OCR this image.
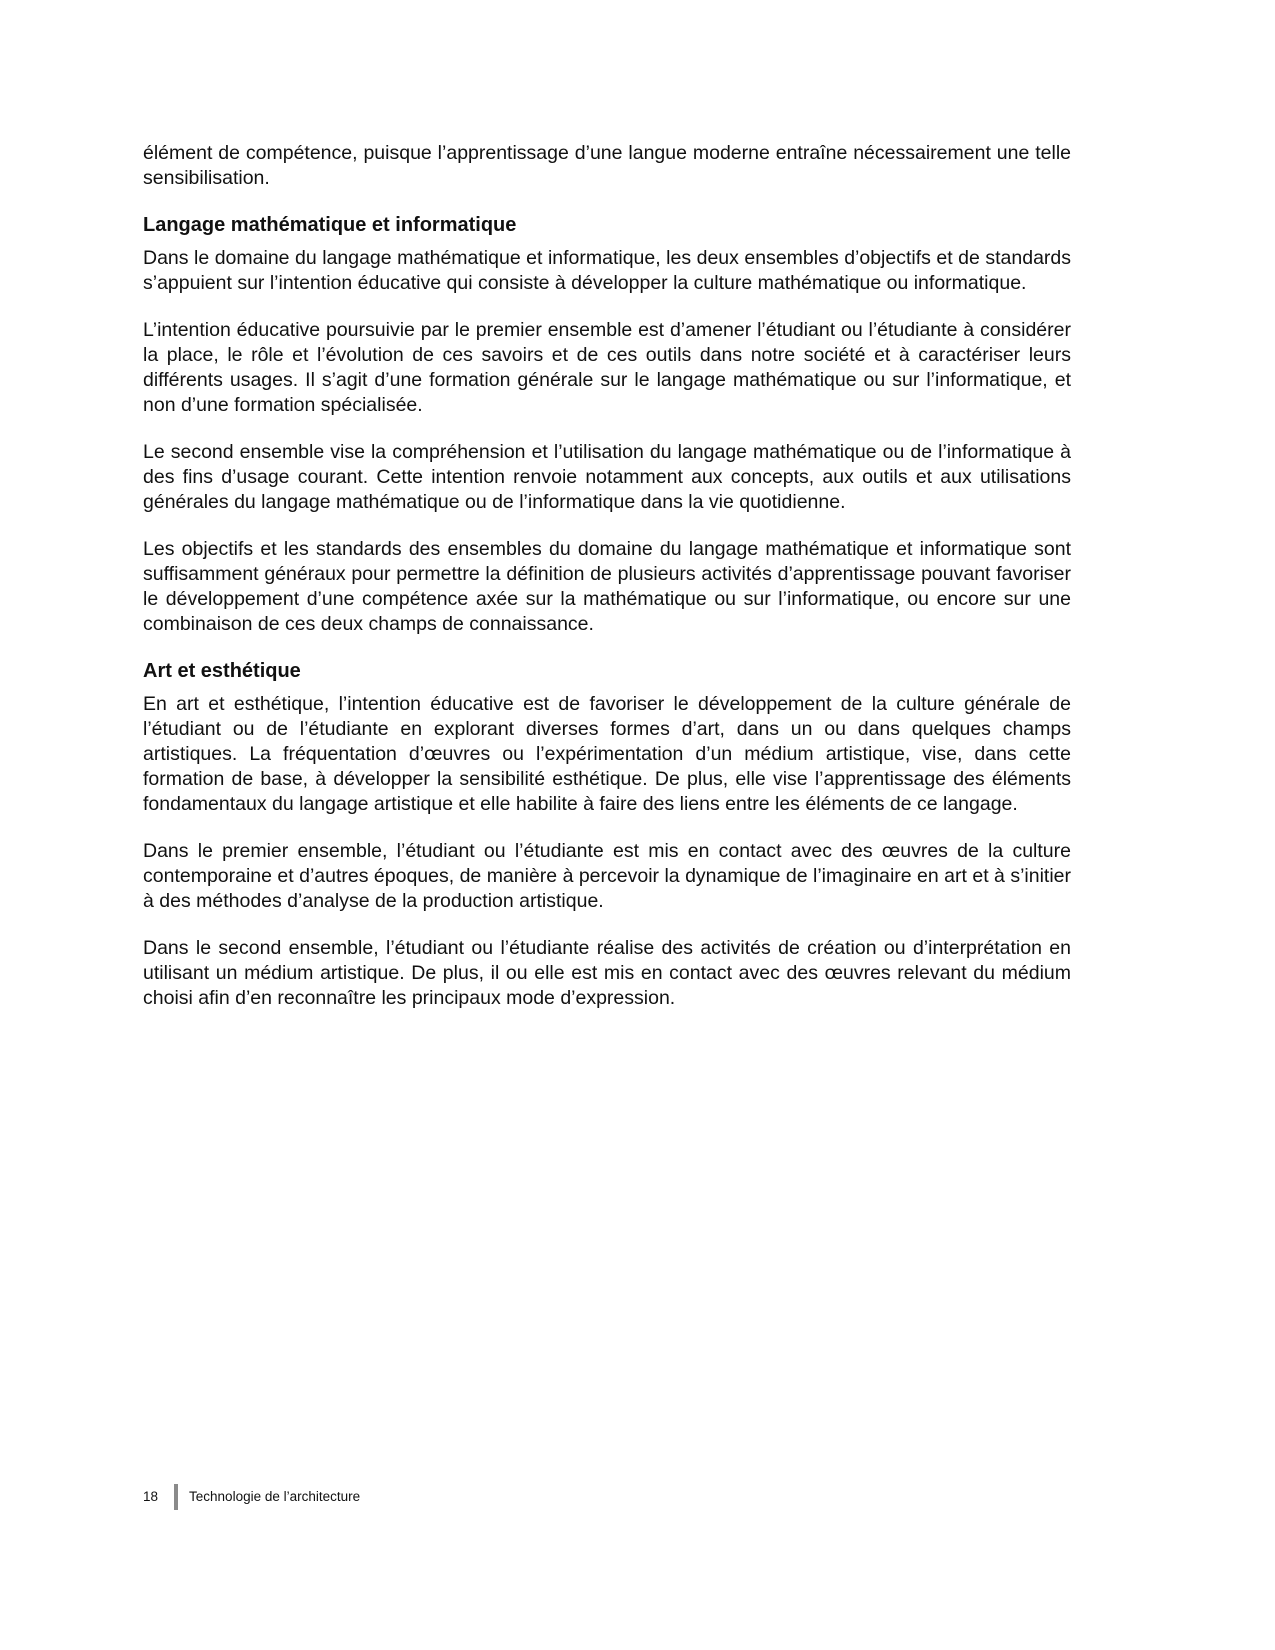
élément de compétence, puisque l’apprentissage d’une langue moderne entraîne nécessairement une telle sensibilisation.

Langage mathématique et informatique

Dans le domaine du langage mathématique et informatique, les deux ensembles d’objectifs et de standards s’appuient sur l’intention éducative qui consiste à développer la culture mathématique ou informatique.

L’intention éducative poursuivie par le premier ensemble est d’amener l’étudiant ou l’étudiante à considérer la place, le rôle et l’évolution de ces savoirs et de ces outils dans notre société et à caractériser leurs différents usages. Il s’agit d’une formation générale sur le langage mathématique ou sur l’informatique, et non d’une formation spécialisée.

Le second ensemble vise la compréhension et l’utilisation du langage mathématique ou de l’informatique à des fins d’usage courant. Cette intention renvoie notamment aux concepts, aux outils et aux utilisations générales du langage mathématique ou de l’informatique dans la vie quotidienne.

Les objectifs et les standards des ensembles du domaine du langage mathématique et informatique sont suffisamment généraux pour permettre la définition de plusieurs activités d’apprentissage pouvant favoriser le développement d’une compétence axée sur la mathématique ou sur l’informatique, ou encore sur une combinaison de ces deux champs de connaissance.

Art et esthétique

En art et esthétique, l’intention éducative est de favoriser le développement de la culture générale de l’étudiant ou de l’étudiante en explorant diverses formes d’art, dans un ou dans quelques champs artistiques. La fréquentation d’œuvres ou l’expérimentation d’un médium artistique, vise, dans cette formation de base, à développer la sensibilité esthétique. De plus, elle vise l’apprentissage des éléments fondamentaux du langage artistique et elle habilite à faire des liens entre les éléments de ce langage.

Dans le premier ensemble, l’étudiant ou l’étudiante est mis en contact avec des œuvres de la culture contemporaine et d’autres époques, de manière à percevoir la dynamique de l’imaginaire en art et à s’initier à des méthodes d’analyse de la production artistique.

Dans le second ensemble, l’étudiant ou l’étudiante réalise des activités de création ou d’interprétation en utilisant un médium artistique. De plus, il ou elle est mis en contact avec des œuvres relevant du médium choisi afin d’en reconnaître les principaux mode d’expression.

18 Technologie de l’architecture
